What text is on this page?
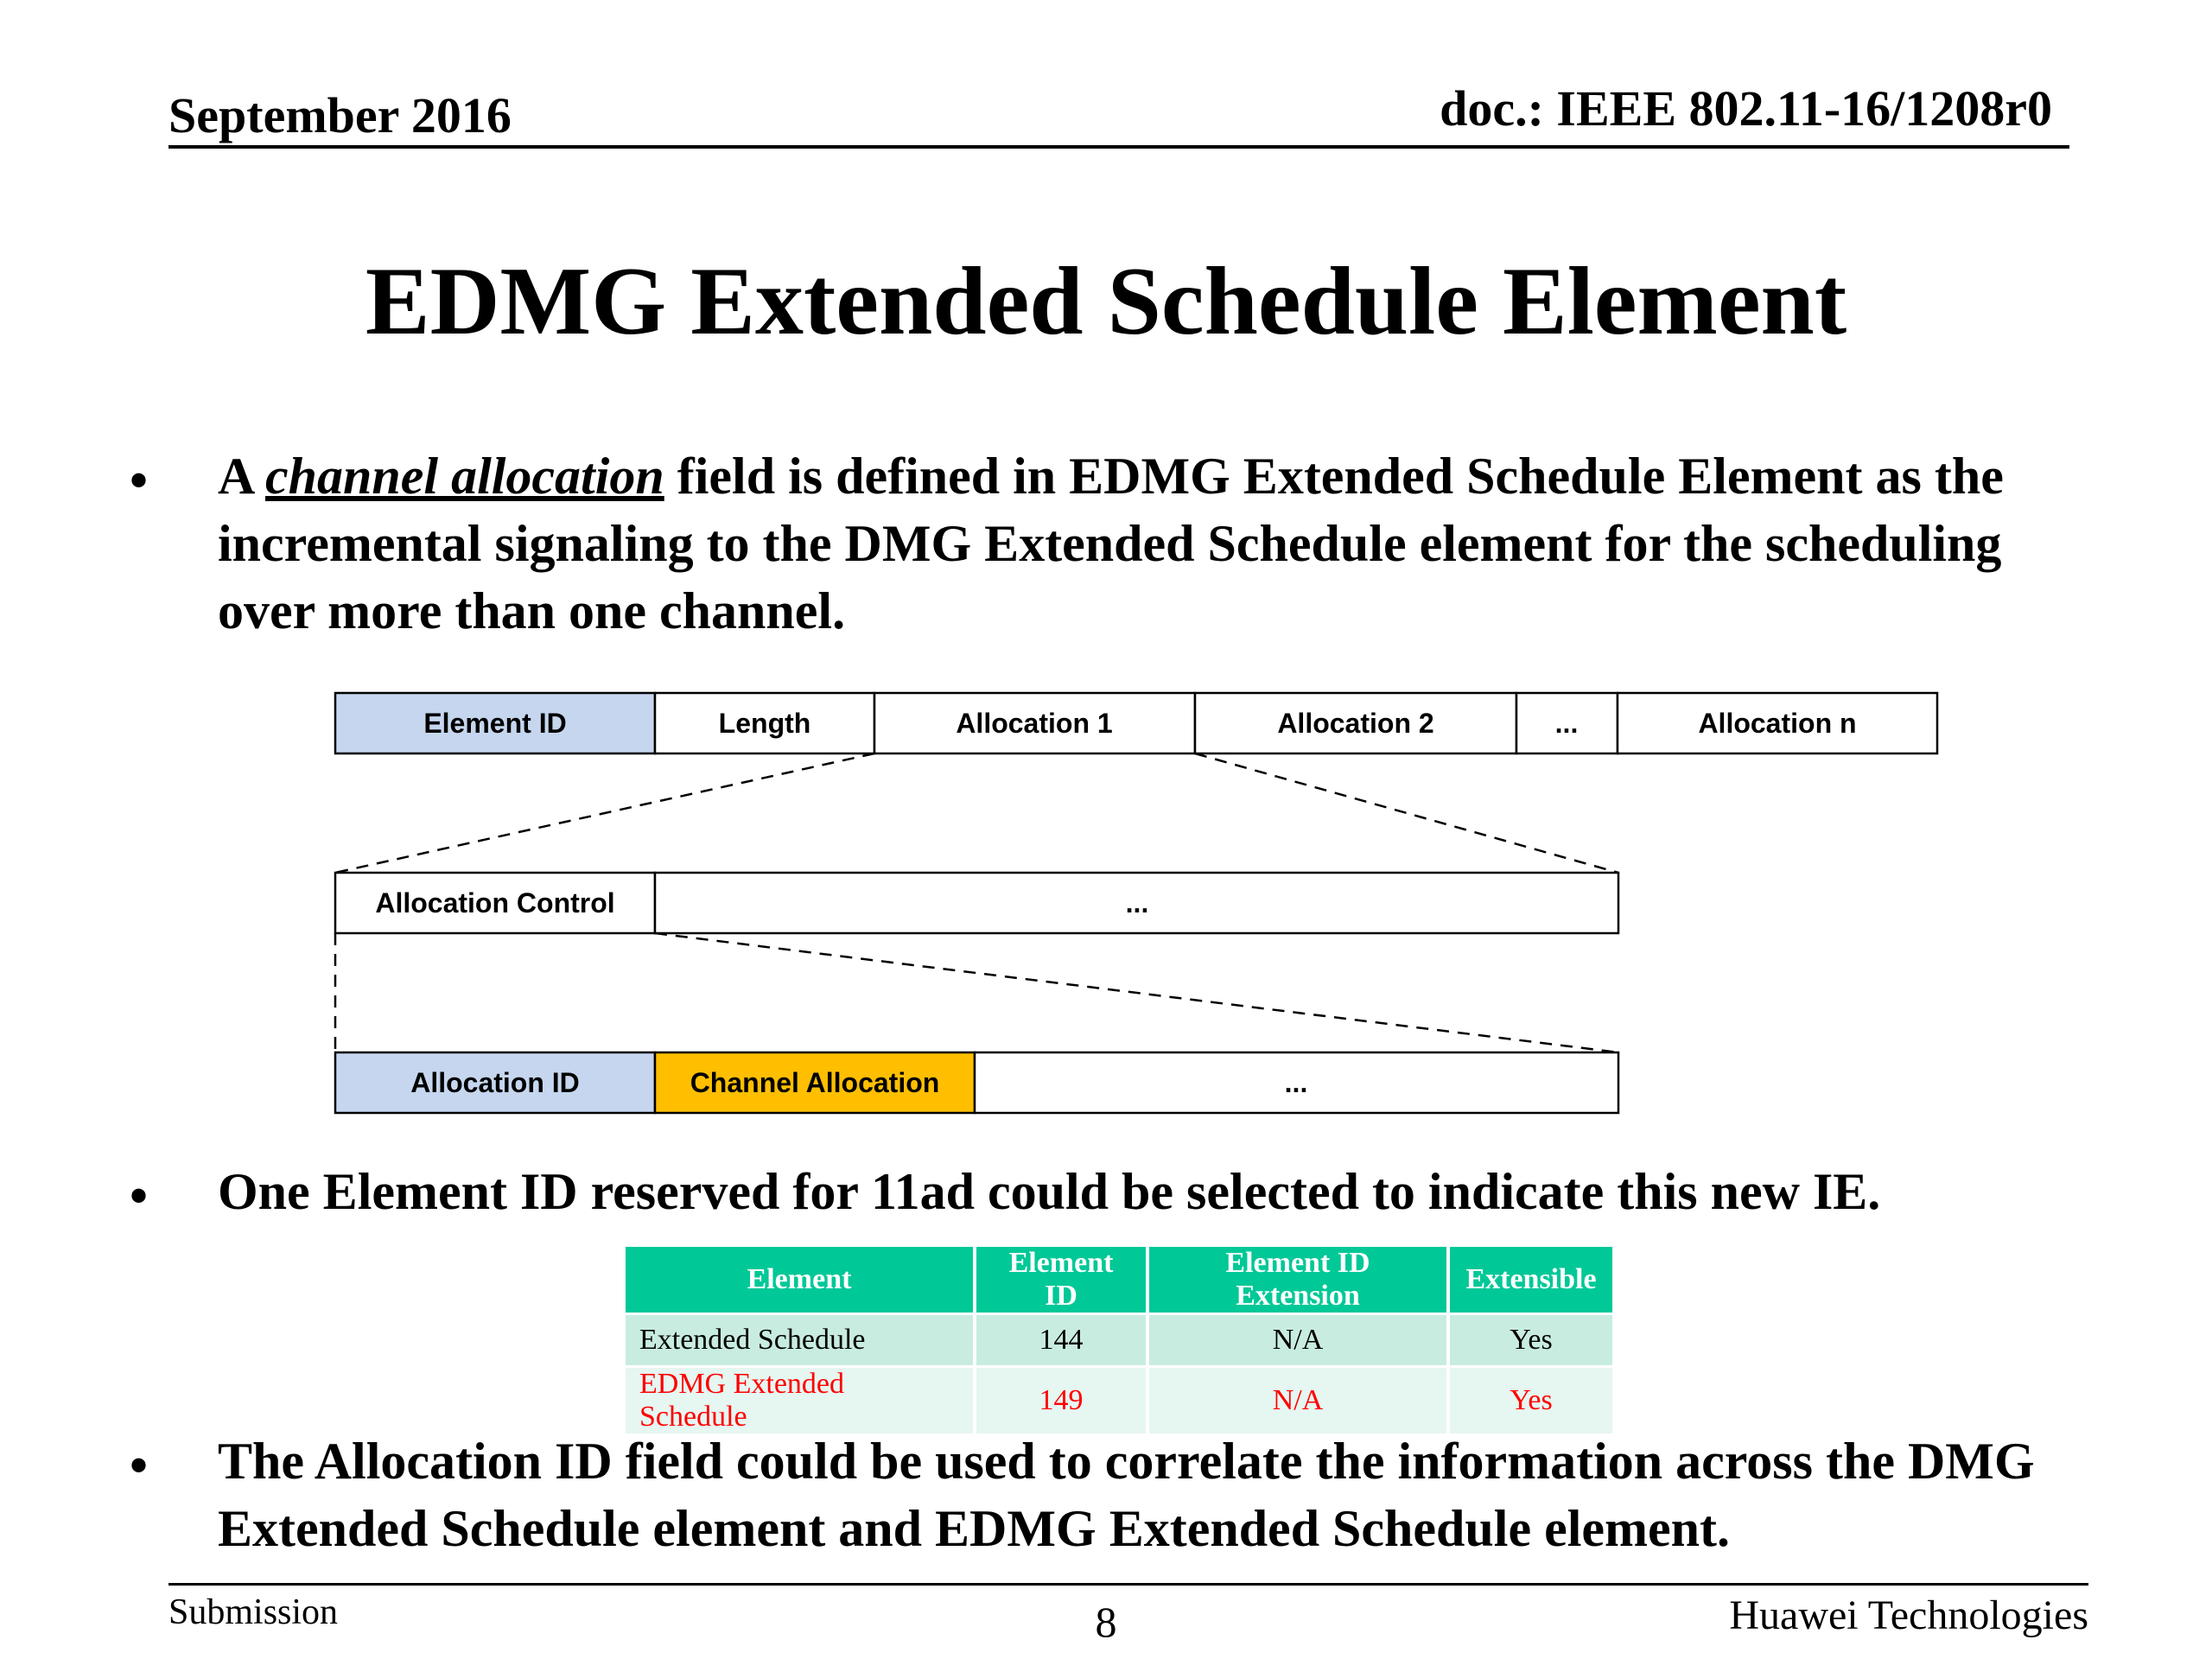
September 2016	doc.: IEEE 802.11-16/1208r0
EDMG Extended Schedule Element
• A channel allocation field is defined in EDMG Extended Schedule Element as the incremental signaling to the DMG Extended Schedule element for the scheduling over more than one channel.
Element ID	Length	Allocation 1	Allocation 2	...	Allocation n
Allocation Control	...
Allocation ID	Channel Allocation	...
• One Element ID reserved for 11ad could be selected to indicate this new IE.
Element	Element ID	Element ID Extension	Extensible
Extended Schedule	144	N/A	Yes
EDMG Extended Schedule	149	N/A	Yes
• The Allocation ID field could be used to correlate the information across the DMG Extended Schedule element and EDMG Extended Schedule element.
Submission	8	Huawei Technologies
